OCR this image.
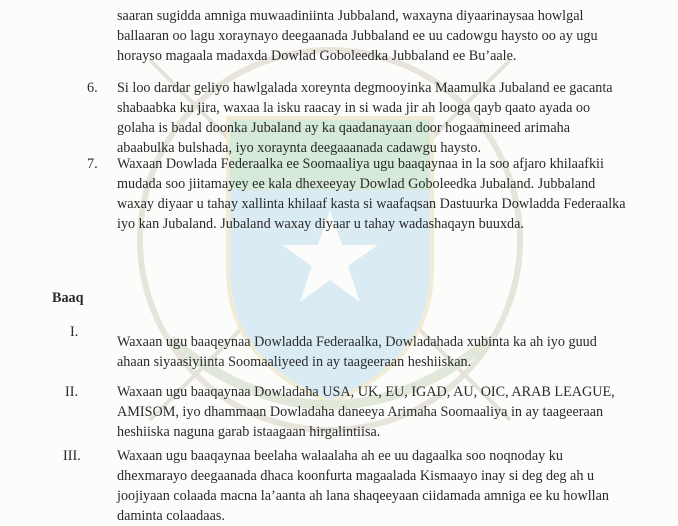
saaran sugidda amniga muwaadiniinta Jubbaland, waxayna diyaarinaysaa howlgal
ballaaran oo lagu xoraynayo deegaanada Jubbaland ee uu cadowgu haysto oo ay ugu
horayso magaala madaxda Dowlad Goboleedka Jubbaland ee Bu’aale.
6. Si loo dardar geliyo hawlgalada xoreynta degmooyinka Maamulka Jubaland ee gacanta
shabaabka ku jira, waxaa la isku raacay in si wada jir ah looga qayb qaato ayada oo
golaha is badal doonka Jubaland ay ka qaadanayaan door hogaamineed arimaha
abaabulka bulshada, iyo xoraynta deegaaanada cadawgu haysto.
7. Waxaan Dowlada Federaalka ee Soomaaliya ugu baaqaynaa in la soo afjaro khilaafkii
mudada soo jiitamayey ee kala dhexeeyay Dowlad Goboleedka Jubaland. Jubbaland
waxay diyaar u tahay xallinta khilaaf kasta si waafaqsan Dastuurka Dowladda Federaalka
iyo kan Jubaland. Jubaland waxay diyaar u tahay wadashaqayn buuxda.
Baaq
I.
Waxaan ugu baaqeynaa Dowladda Federaalka, Dowladahada xubinta ka ah iyo guud
ahaan siyaasiyiinta Soomaaliyeed in ay taageeraan heshiiskan.
II.	Waxaan ugu baaqaynaa Dowladaha USA, UK, EU, IGAD, AU, OIC, ARAB LEAGUE,
AMISOM, iyo dhammaan Dowladaha daneeya Arimaha Soomaaliya in ay taageeraan
heshiiska naguna garab istaagaan hirgalintiisa.
III.	Waxaan ugu baaqaynaa beelaha walaalaha ah ee uu dagaalka soo noqnoday ku
dhexmarayo deegaanada dhaca koonfurta magaalada Kismaayo inay si deg deg ah u
joojiyaan colaada macna la’aanta ah lana shaqeeyaan ciidamada amniga ee ku howllan
daminta colaadaas.
